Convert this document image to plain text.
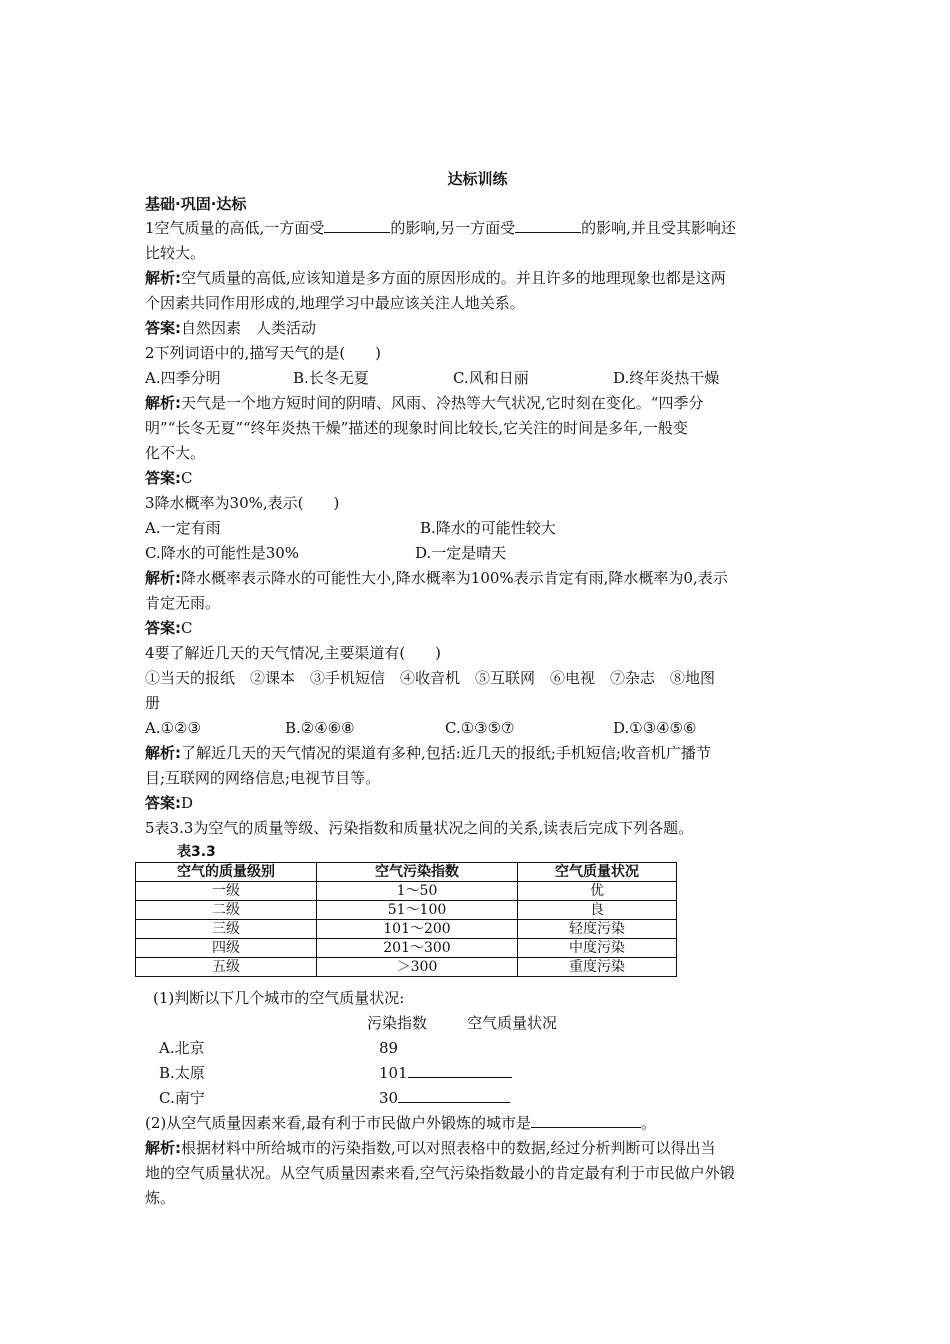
达标训练
基础·巩固·达标
1空气质量的高低,一方面受	的影响,另一方面受	的影响,并且受其影响还
比较大。
解析:空气质量的高低,应该知道是多方面的原因形成的。并且许多的地理现象也都是这两
个因素共同作用形成的,地理学习中最应该关注人地关系。
答案:自然因素　人类活动
2下列词语中的,描写天气的是(　　)
A.四季分明	B.长冬无夏	C.风和日丽	D.终年炎热干燥
解析:天气是一个地方短时间的阴晴、风雨、冷热等大气状况,它时刻在变化。“四季分
明”“长冬无夏”“终年炎热干燥”描述的现象时间比较长,它关注的时间是多年,一般变
化不大。
答案:C
3降水概率为30%,表示(　　)
A.一定有雨	B.降水的可能性较大
C.降水的可能性是30%	D.一定是晴天
解析:降水概率表示降水的可能性大小,降水概率为100%表示肯定有雨,降水概率为0,表示
肯定无雨。
答案:C
4要了解近几天的天气情况,主要渠道有(　　)
①当天的报纸　②课本　③手机短信　④收音机　⑤互联网　⑥电视　⑦杂志　⑧地图
册
A.①②③	B.②④⑥⑧	C.①③⑤⑦	D.①③④⑤⑥
解析:了解近几天的天气情况的渠道有多种,包括:近几天的报纸;手机短信;收音机广播节
目;互联网的网络信息;电视节目等。
答案:D
5表3.3为空气的质量等级、污染指数和质量状况之间的关系,读表后完成下列各题。
表3.3
空气的质量级别	空气污染指数	空气质量状况
一级	1～50	优
二级	51～100	良
三级	101～200	轻度污染
四级	201～300	中度污染
五级	＞300	重度污染
(1)判断以下几个城市的空气质量状况:
污染指数	空气质量状况
A.北京	89
B.太原	101
C.南宁	30
(2)从空气质量因素来看,最有利于市民做户外锻炼的城市是	。
解析:根据材料中所给城市的污染指数,可以对照表格中的数据,经过分析判断可以得出当
地的空气质量状况。从空气质量因素来看,空气污染指数最小的肯定最有利于市民做户外锻
炼。
